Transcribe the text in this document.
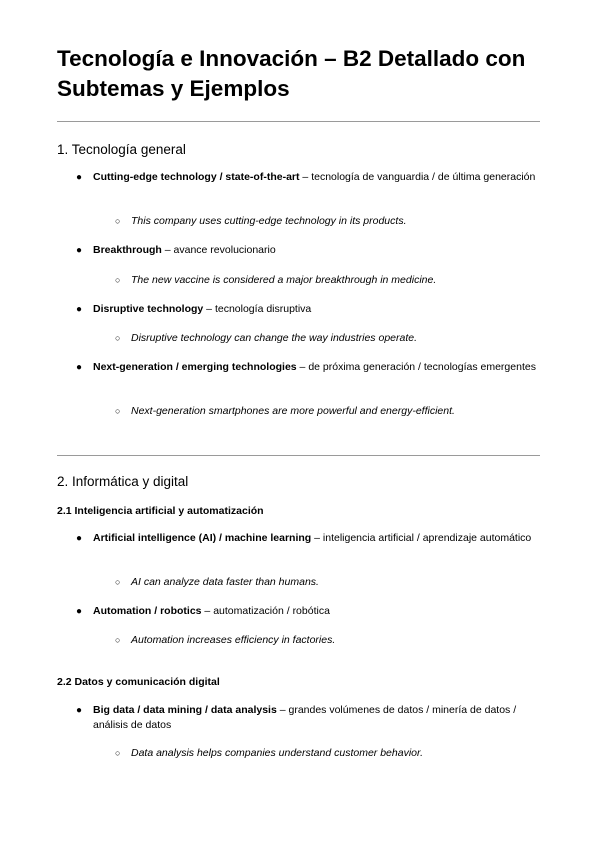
Tecnología e Innovación – B2 Detallado con Subtemas y Ejemplos
1. Tecnología general
● Cutting-edge technology / state-of-the-art – tecnología de vanguardia / de última generación
○ This company uses cutting-edge technology in its products.
● Breakthrough – avance revolucionario
○ The new vaccine is considered a major breakthrough in medicine.
● Disruptive technology – tecnología disruptiva
○ Disruptive technology can change the way industries operate.
● Next-generation / emerging technologies – de próxima generación / tecnologías emergentes
○ Next-generation smartphones are more powerful and energy-efficient.
2. Informática y digital
2.1 Inteligencia artificial y automatización
● Artificial intelligence (AI) / machine learning – inteligencia artificial / aprendizaje automático
○ AI can analyze data faster than humans.
● Automation / robotics – automatización / robótica
○ Automation increases efficiency in factories.
2.2 Datos y comunicación digital
● Big data / data mining / data analysis – grandes volúmenes de datos / minería de datos / análisis de datos
○ Data analysis helps companies understand customer behavior.
